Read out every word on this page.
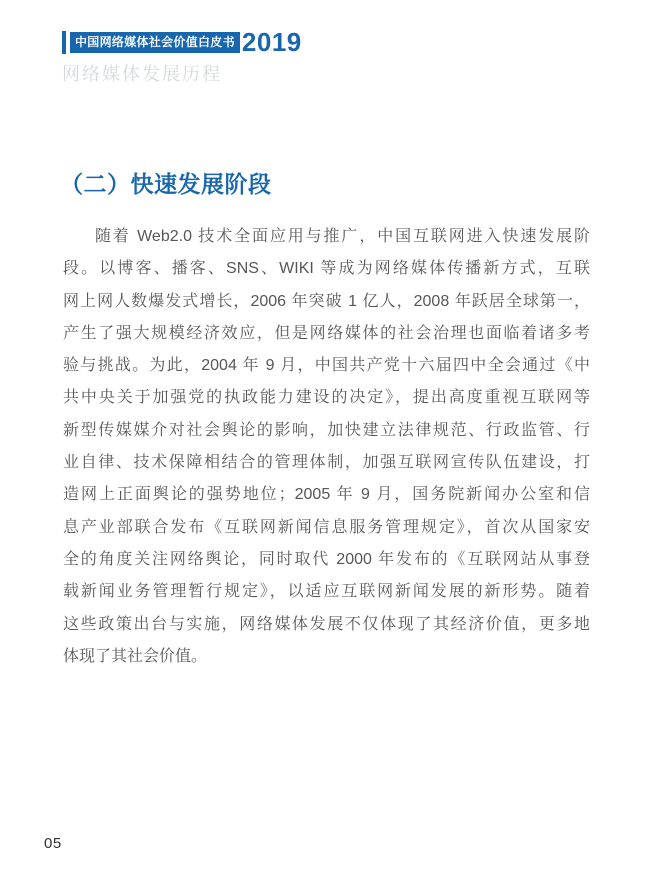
中国网络媒体社会价值白皮书 2019
网络媒体发展历程
（二）快速发展阶段
随着 Web2.0 技术全面应用与推广，中国互联网进入快速发展阶
段。以博客、播客、SNS、WIKI 等成为网络媒体传播新方式，互联
网上网人数爆发式增长，2006 年突破 1 亿人，2008 年跃居全球第一，
产生了强大规模经济效应，但是网络媒体的社会治理也面临着诸多考
验与挑战。为此，2004 年 9 月，中国共产党十六届四中全会通过《中
共中央关于加强党的执政能力建设的决定》，提出高度重视互联网等
新型传媒媒介对社会舆论的影响，加快建立法律规范、行政监管、行
业自律、技术保障相结合的管理体制，加强互联网宣传队伍建设，打
造网上正面舆论的强势地位；2005 年 9 月，国务院新闻办公室和信
息产业部联合发布《互联网新闻信息服务管理规定》，首次从国家安
全的角度关注网络舆论，同时取代 2000 年发布的《互联网站从事登
载新闻业务管理暂行规定》，以适应互联网新闻发展的新形势。随着
这些政策出台与实施，网络媒体发展不仅体现了其经济价值，更多地
体现了其社会价值。
05
